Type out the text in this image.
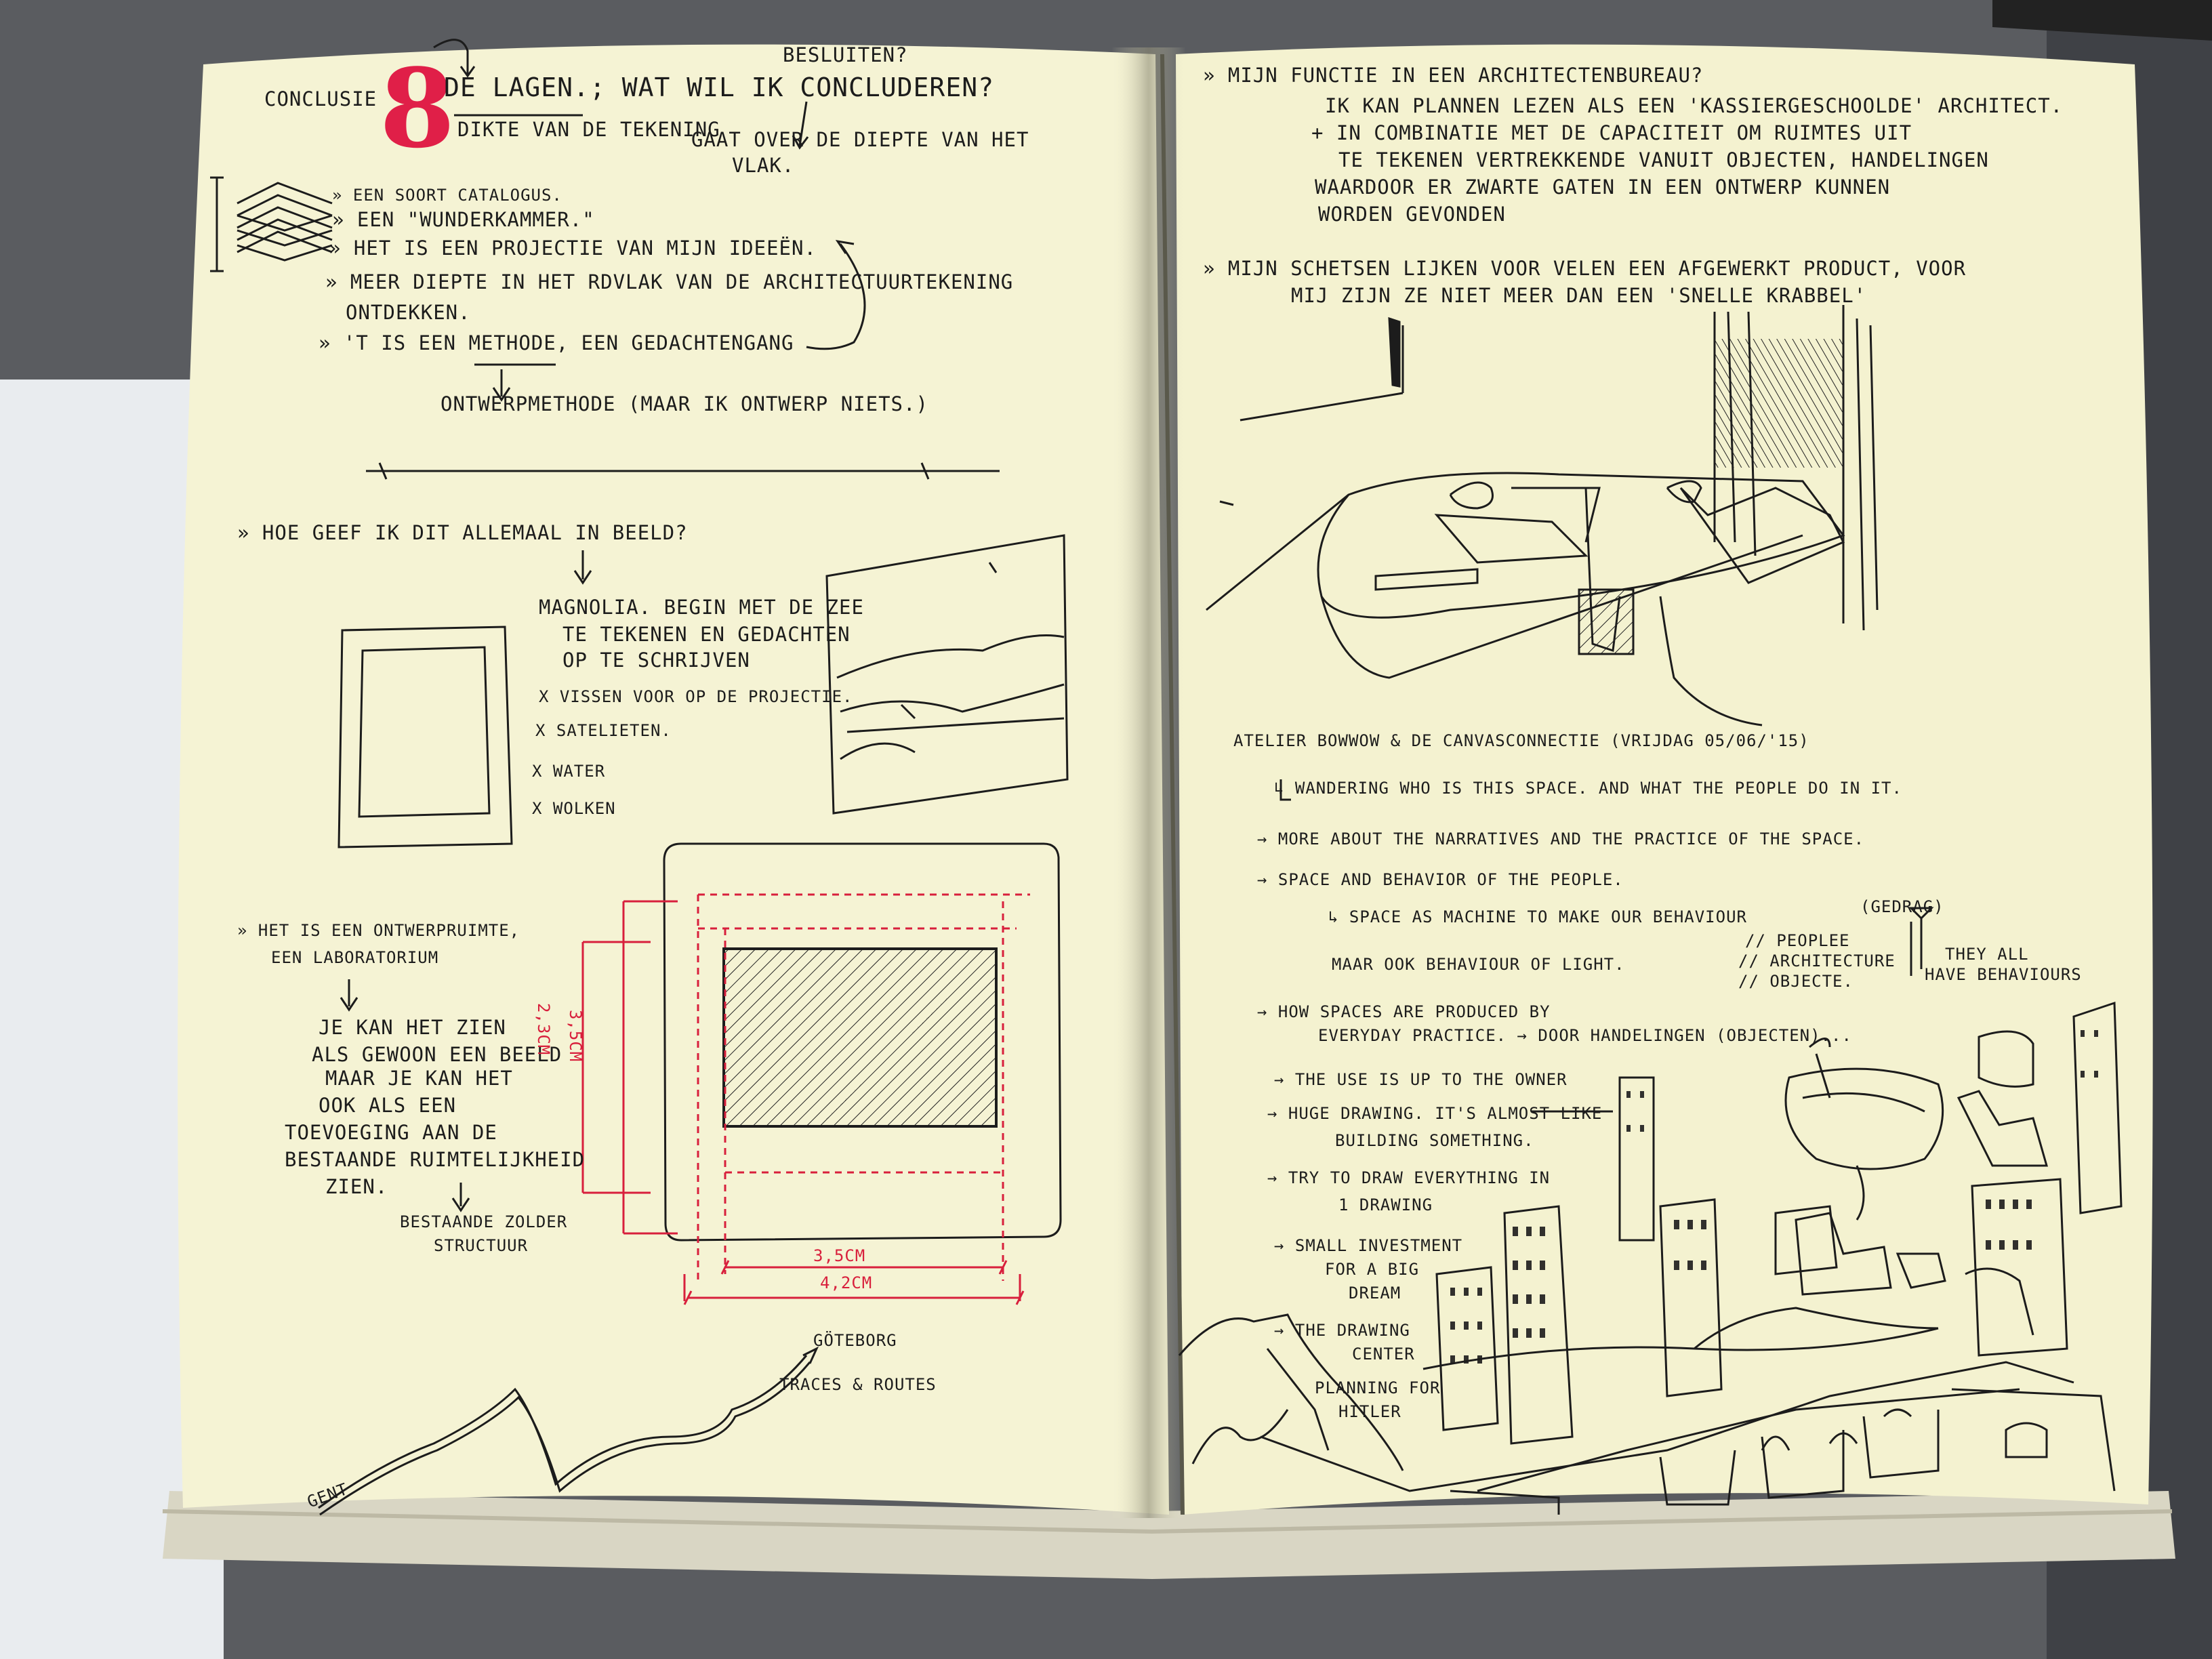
CONCLUSIE 8
DE LAGEN. ; WAT WIL IK CONCLUDEREN?
BESLUITEN?
DIKTE VAN DE TEKENING
GAAT OVER DE DIEPTE VAN HET
VLAK.
» EEN SOORT CATALOGUS.
» EEN "WUNDERKAMMER."
» HET IS EEN PROJECTIE VAN MIJN IDEEËN.
» MEER DIEPTE IN HET RDVLAK VAN DE ARCHITECTUURTEKENING
ONTDEKKEN.
» 'T IS EEN METHODE, EEN GEDACHTENGANG
ONTWERPMETHODE (MAAR IK ONTWERP NIETS.)
» HOE GEEF IK DIT ALLEMAAL IN BEELD?
MAGNOLIA. BEGIN MET DE ZEE
TE TEKENEN EN GEDACHTEN
OP TE SCHRIJVEN
X VISSEN VOOR OP DE PROJECTIE.
X SATELIETEN.
X WATER
X WOLKEN
» HET IS EEN ONTWERPRUIMTE,
EEN LABORATORIUM
JE KAN HET ZIEN
ALS GEWOON EEN BEELD
MAAR JE KAN HET
OOK ALS EEN
TOEVOEGING AAN DE
BESTAANDE RUIMTELIJKHEID
ZIEN.
BESTAANDE ZOLDER
STRUCTUUR
3,5CM
2,3CM
3,5CM
4,2CM
GÖTEBORG
TRACES & ROUTES
GENT
» MIJN FUNCTIE IN EEN ARCHITECTENBUREAU?
IK KAN PLANNEN LEZEN ALS EEN 'KASSIERGESCHOOLDE' ARCHITECT.
+ IN COMBINATIE MET DE CAPACITEIT OM RUIMTES UIT
TE TEKENEN VERTREKKENDE VANUIT OBJECTEN, HANDELINGEN
WAARDOOR ER ZWARTE GATEN IN EEN ONTWERP KUNNEN
WORDEN GEVONDEN
» MIJN SCHETSEN LIJKEN VOOR VELEN EEN AFGEWERKT PRODUCT, VOOR
MIJ ZIJN ZE NIET MEER DAN EEN 'SNELLE KRABBEL'
ATELIER BOWWOW & DE CANVASCONNECTIE (VRIJDAG 05/06/'15)
↳ WANDERING WHO IS THIS SPACE. AND WHAT THE PEOPLE DO IN IT.
→ MORE ABOUT THE NARRATIVES AND THE PRACTICE OF THE SPACE.
→ SPACE AND BEHAVIOR OF THE PEOPLE.
↳ SPACE AS MACHINE TO MAKE OUR BEHAVIOUR
(GEDRAG)
MAAR OOK BEHAVIOUR OF LIGHT.
// PEOPLEE
// ARCHITECTURE
// OBJECTE.
THEY ALL
HAVE BEHAVIOURS
→ HOW SPACES ARE PRODUCED BY
EVERYDAY PRACTICE. → DOOR HANDELINGEN (OBJECTEN)...
→ THE USE IS UP TO THE OWNER
→ HUGE DRAWING. IT'S ALMOST LIKE
BUILDING SOMETHING.
→ TRY TO DRAW EVERYTHING IN
1 DRAWING
→ SMALL INVESTMENT
FOR A BIG
DREAM
→ THE DRAWING
CENTER
PLANNING FOR
HITLER
